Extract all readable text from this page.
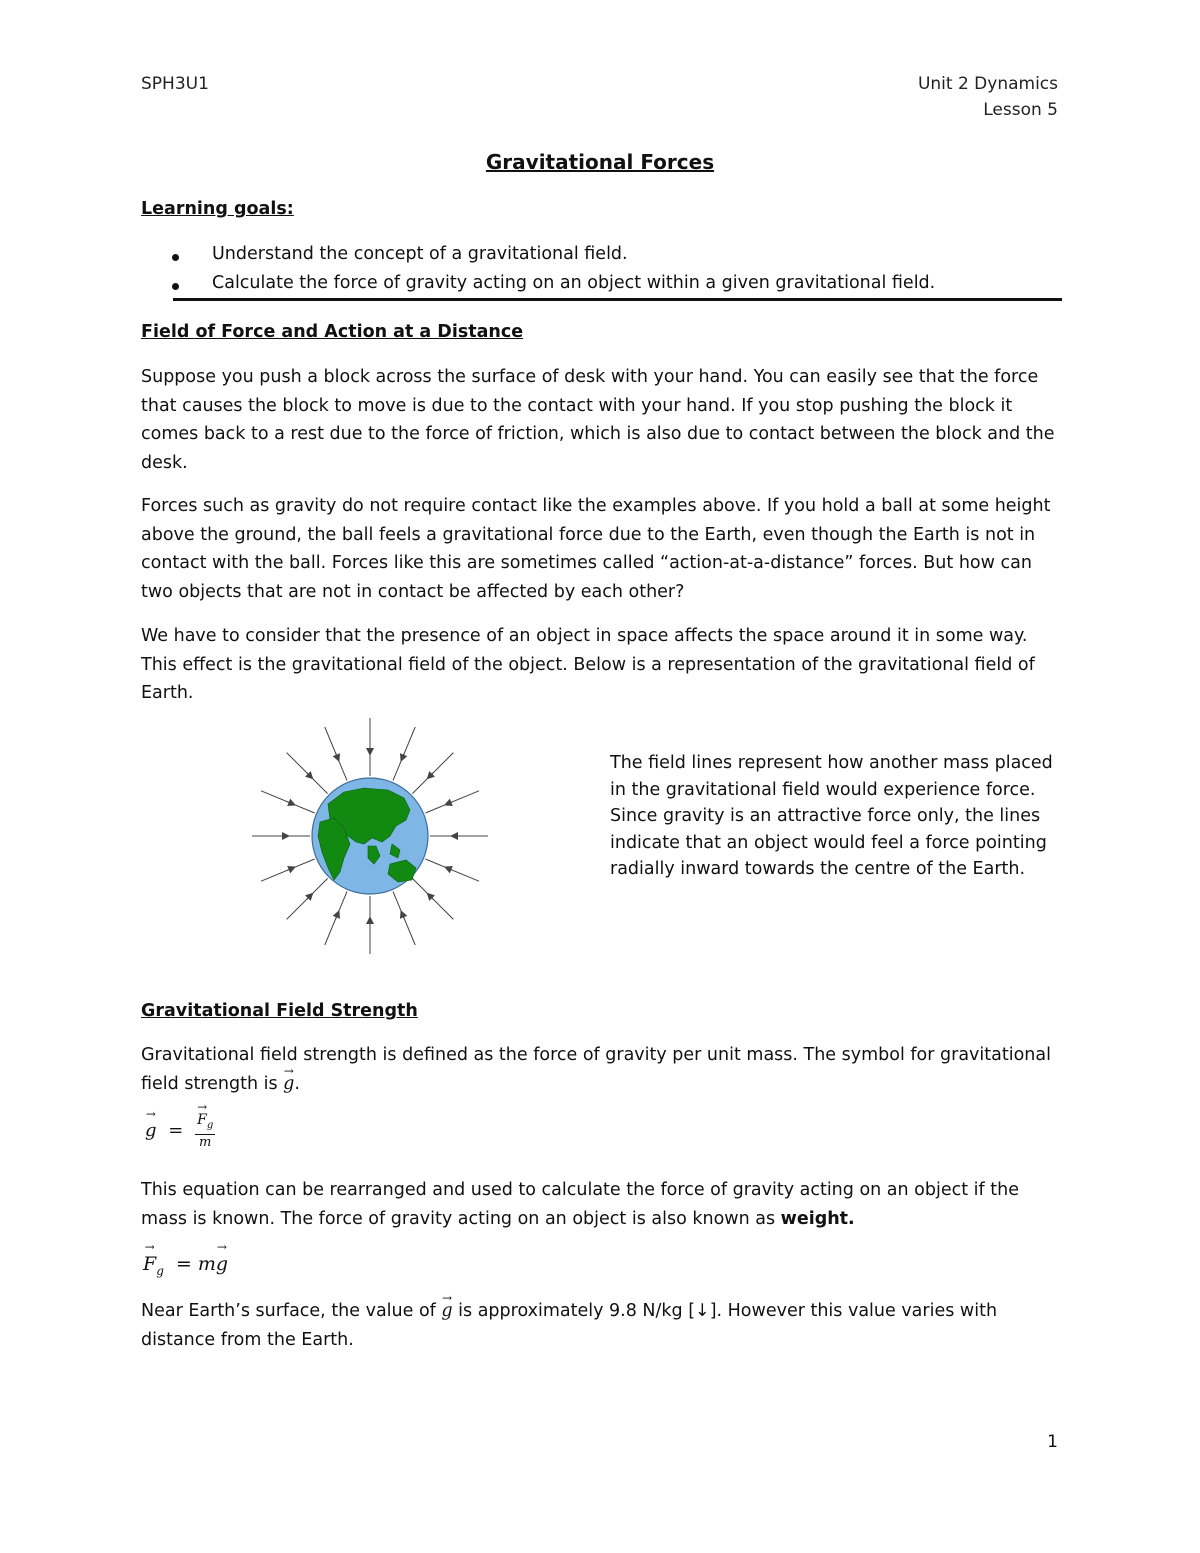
SPH3U1	Unit 2 Dynamics
Lesson 5
Gravitational Forces
Learning goals:
Understand the concept of a gravitational field.
Calculate the force of gravity acting on an object within a given gravitational field.
Field of Force and Action at a Distance

Suppose you push a block across the surface of desk with your hand. You can easily see that the force that causes the block to move is due to the contact with your hand. If you stop pushing the block it comes back to a rest due to the force of friction, which is also due to contact between the block and the desk.

Forces such as gravity do not require contact like the examples above. If you hold a ball at some height above the ground, the ball feels a gravitational force due to the Earth, even though the Earth is not in contact with the ball. Forces like this are sometimes called “action-at-a-distance” forces. But how can two objects that are not in contact be affected by each other?

We have to consider that the presence of an object in space affects the space around it in some way. This effect is the gravitational field of the object. Below is a representation of the gravitational field of Earth.

The field lines represent how another mass placed in the gravitational field would experience force. Since gravity is an attractive force only, the lines indicate that an object would feel a force pointing radially inward towards the centre of the Earth.

Gravitational Field Strength

Gravitational field strength is defined as the force of gravity per unit mass. The symbol for gravitational field strength is → g.

→ g =
→ $\frac{F_g}{m}$

This equation can be rearranged and used to calculate the force of gravity acting on an object if the mass is known. The force of gravity acting on an object is also known as weight.

→ $F_g = m\to g$

Near Earth’s surface, the value of → g is approximately 9.8 N/kg [↓]. However this value varies with distance from the Earth.

1
